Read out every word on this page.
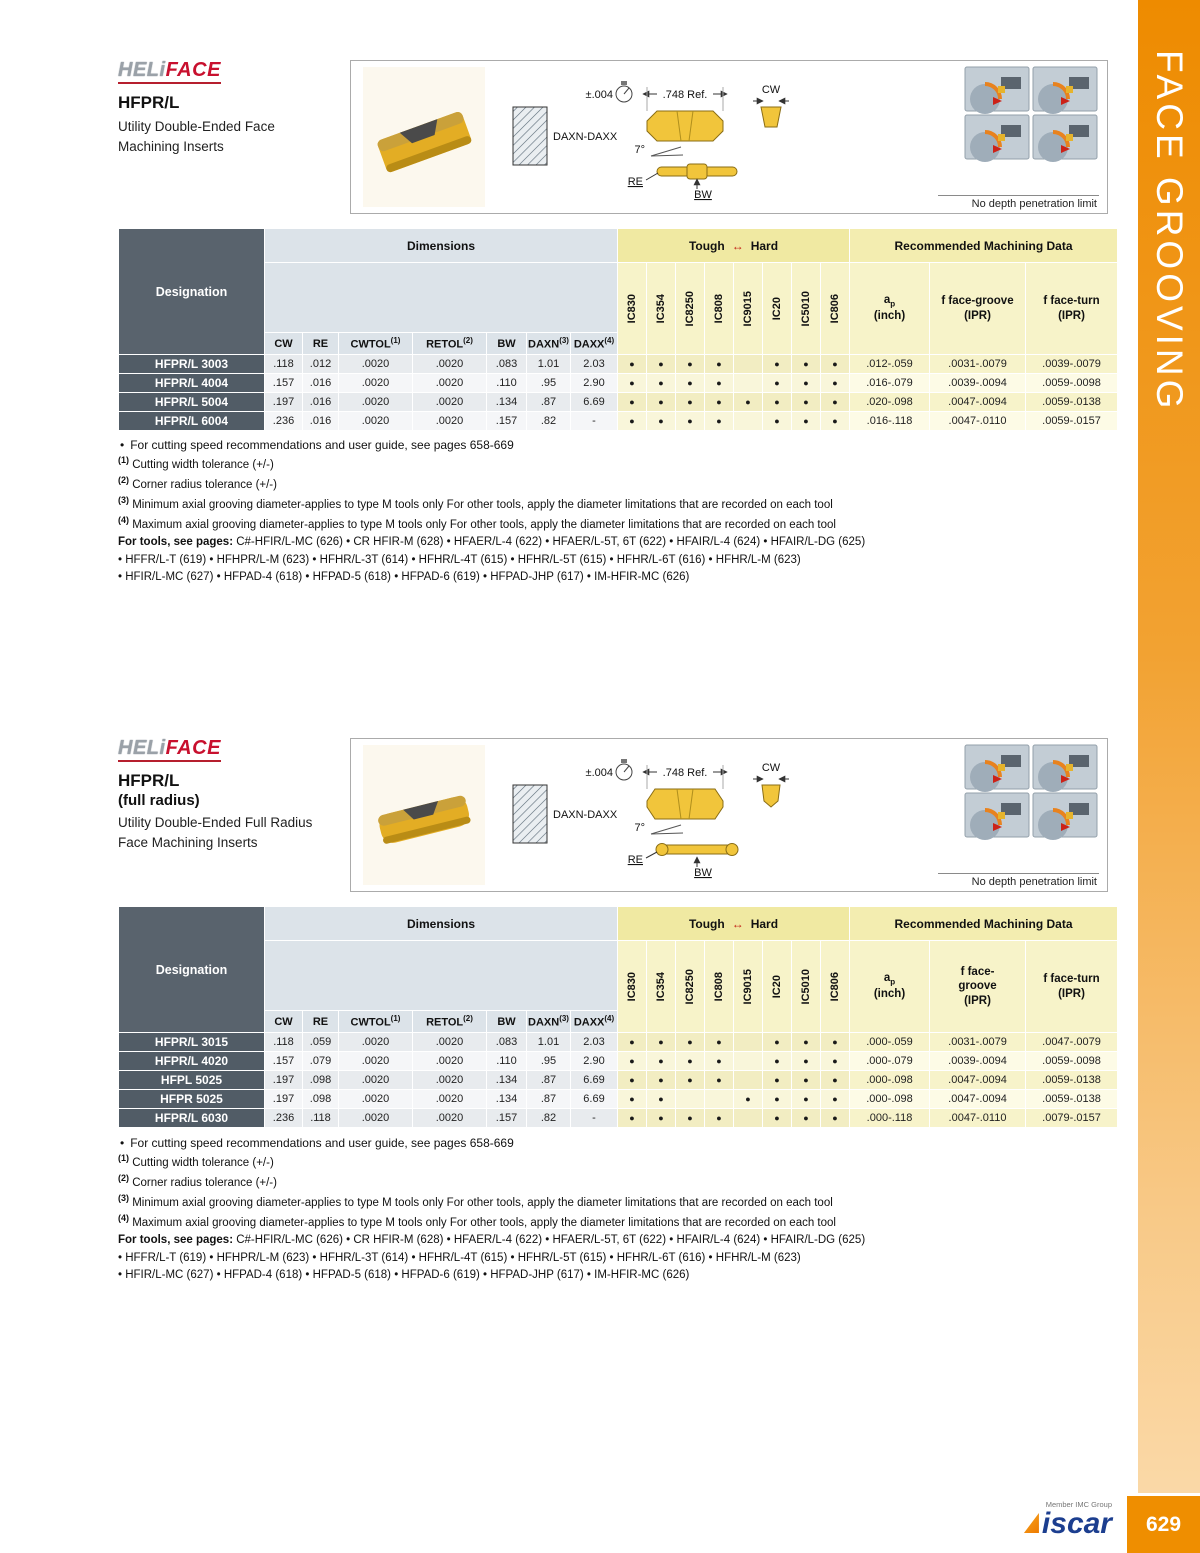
FACE GROOVING
629
Member IMC Group
iscar
HELiFACE
HFPR/L
Utility Double-Ended Face
Machining Inserts
DAXN-DAXX
±.004	.748 Ref.
7°
CW
RE
BW
No depth penetration limit
Designation	Dimensions							Tough ↔ Hard								Recommended Machining Data		

IC830	IC354	IC8250	IC808	IC9015	IC20	IC5010	IC806	$a_p$
(inch)

f face-groove
(IPR)

f face-turn
(IPR)

	CW	RE	CWTOL$^{(1)}$	RETOL$^{(2)}$	BW	DAXN$^{(3)}$	DAXX$^{(4)}$
HFPR/L 3003	.118	.012	.0020	.0020	.083	1.01	2.03	●	●	●	●		●	●	●	.012-.059	.0031-.0079	.0039-.0079
HFPR/L 4004	.157	.016	.0020	.0020	.110	.95	2.90	●	●	●	●		●	●	●	.016-.079	.0039-.0094	.0059-.0098
HFPR/L 5004	.197	.016	.0020	.0020	.134	.87	6.69	●	●	●	●	●	●	●	●	.020-.098	.0047-.0094	.0059-.0138
HFPR/L 6004	.236	.016	.0020	.0020	.157	.82	-	●	●	●	●		●	●	●	.016-.118	.0047-.0110	.0059-.0157
• For cutting speed recommendations and user guide, see pages 658-669
$^{(1)}$ Cutting width tolerance (+/-)
$^{(2)}$ Corner radius tolerance (+/-)
$^{(3)}$ Minimum axial grooving diameter-applies to type M tools only For other tools, apply the diameter limitations that are recorded on each tool
$^{(4)}$ Maximum axial grooving diameter-applies to type M tools only For other tools, apply the diameter limitations that are recorded on each tool
For tools, see pages: C#-HFIR/L-MC (626) • CR HFIR-M (628) • HFAER/L-4 (622) • HFAER/L-5T, 6T (622) • HFAIR/L-4 (624) • HFAIR/L-DG (625)
• HFFR/L-T (619) • HFHPR/L-M (623) • HFHR/L-3T (614) • HFHR/L-4T (615) • HFHR/L-5T (615) • HFHR/L-6T (616) • HFHR/L-M (623)
• HFIR/L-MC (627) • HFPAD-4 (618) • HFPAD-5 (618) • HFPAD-6 (619) • HFPAD-JHP (617) • IM-HFIR-MC (626)
HELiFACE
HFPR/L
(full radius)
Utility Double-Ended Full Radius
Face Machining Inserts
DAXN-DAXX
±.004	.748 Ref.
7°
CW
RE
BW
No depth penetration limit
Designation	Dimensions							Tough ↔ Hard								Recommended Machining Data		

IC830	IC354	IC8250	IC808	IC9015	IC20	IC5010	IC806	$a_p$
(inch)

f face-groove
(IPR)

f face-turn
(IPR)

	CW	RE	CWTOL$^{(1)}$	RETOL$^{(2)}$	BW	DAXN$^{(3)}$	DAXX$^{(4)}$
HFPR/L 3015	.118	.059	.0020	.0020	.083	1.01	2.03	●	●	●	●		●	●	●	.000-.059	.0031-.0079	.0047-.0079
HFPR/L 4020	.157	.079	.0020	.0020	.110	.95	2.90	●	●	●	●		●	●	●	.000-.079	.0039-.0094	.0059-.0098
HFPL 5025	.197	.098	.0020	.0020	.134	.87	6.69	●	●	●	●		●	●	●	.000-.098	.0047-.0094	.0059-.0138
HFPR 5025	.197	.098	.0020	.0020	.134	.87	6.69	●	●			●	●	●	●	.000-.098	.0047-.0094	.0059-.0138
HFPR/L 6030	.236	.118	.0020	.0020	.157	.82	-	●	●	●	●		●	●	●	.000-.118	.0047-.0110	.0079-.0157
• For cutting speed recommendations and user guide, see pages 658-669
$^{(1)}$ Cutting width tolerance (+/-)
$^{(2)}$ Corner radius tolerance (+/-)
$^{(3)}$ Minimum axial grooving diameter-applies to type M tools only For other tools, apply the diameter limitations that are recorded on each tool
$^{(4)}$ Maximum axial grooving diameter-applies to type M tools only For other tools, apply the diameter limitations that are recorded on each tool
For tools, see pages: C#-HFIR/L-MC (626) • CR HFIR-M (628) • HFAER/L-4 (622) • HFAER/L-5T, 6T (622) • HFAIR/L-4 (624) • HFAIR/L-DG (625)
• HFFR/L-T (619) • HFHPR/L-M (623) • HFHR/L-3T (614) • HFHR/L-4T (615) • HFHR/L-5T (615) • HFHR/L-6T (616) • HFHR/L-M (623)
• HFIR/L-MC (627) • HFPAD-4 (618) • HFPAD-5 (618) • HFPAD-6 (619) • HFPAD-JHP (617) • IM-HFIR-MC (626)
